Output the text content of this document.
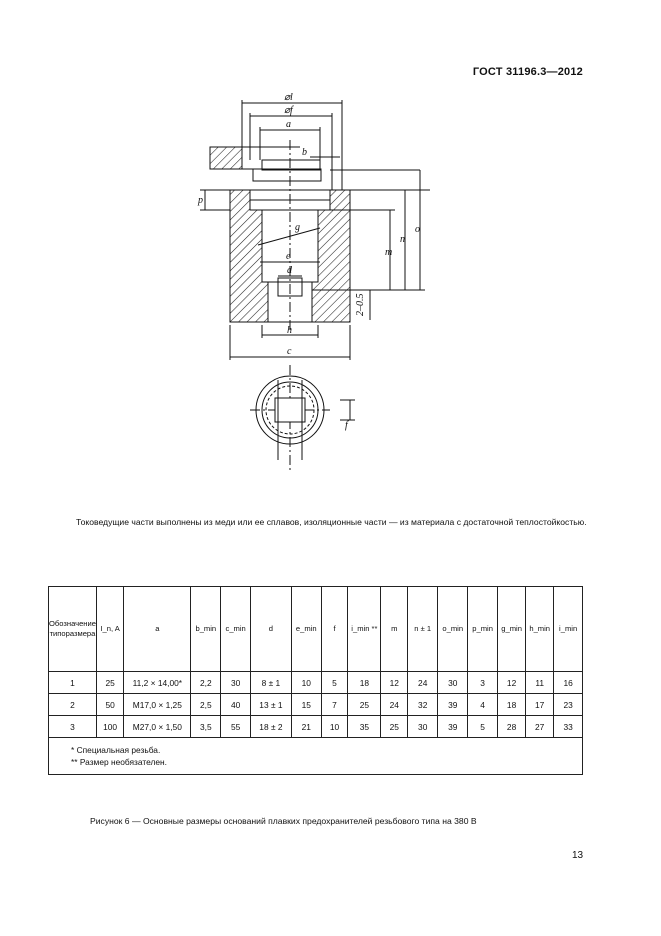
ГОСТ 31196.3—2012
⌀l
⌀f
a
b
p
g
e
d
h
c
m
n
o
f
2–0.5
Токоведущие части выполнены из меди или ее сплавов, изоляционные части — из материала с достаточной теплостойкостью.
Обозначение типоразмера	I_n, A	a	b_min	c_min	d	e_min	f	i_min **	m	n ± 1	o_min	p_min	g_min	h_min	i_min
1	25	11,2 × 14,00*	2,2	30	8 ± 1	10	5	18	12	24	30	3	12	11	16
2	50	M17,0 × 1,25	2,5	40	13 ± 1	15	7	25	24	32	39	4	18	17	23
3	100	M27,0 × 1,50	3,5	55	18 ± 2	21	10	35	25	30	39	5	28	27	33

* Специальная резьба.
** Размер необязателен.															
Рисунок 6 — Основные размеры оснований плавких предохранителей резьбового типа на 380 В
13
